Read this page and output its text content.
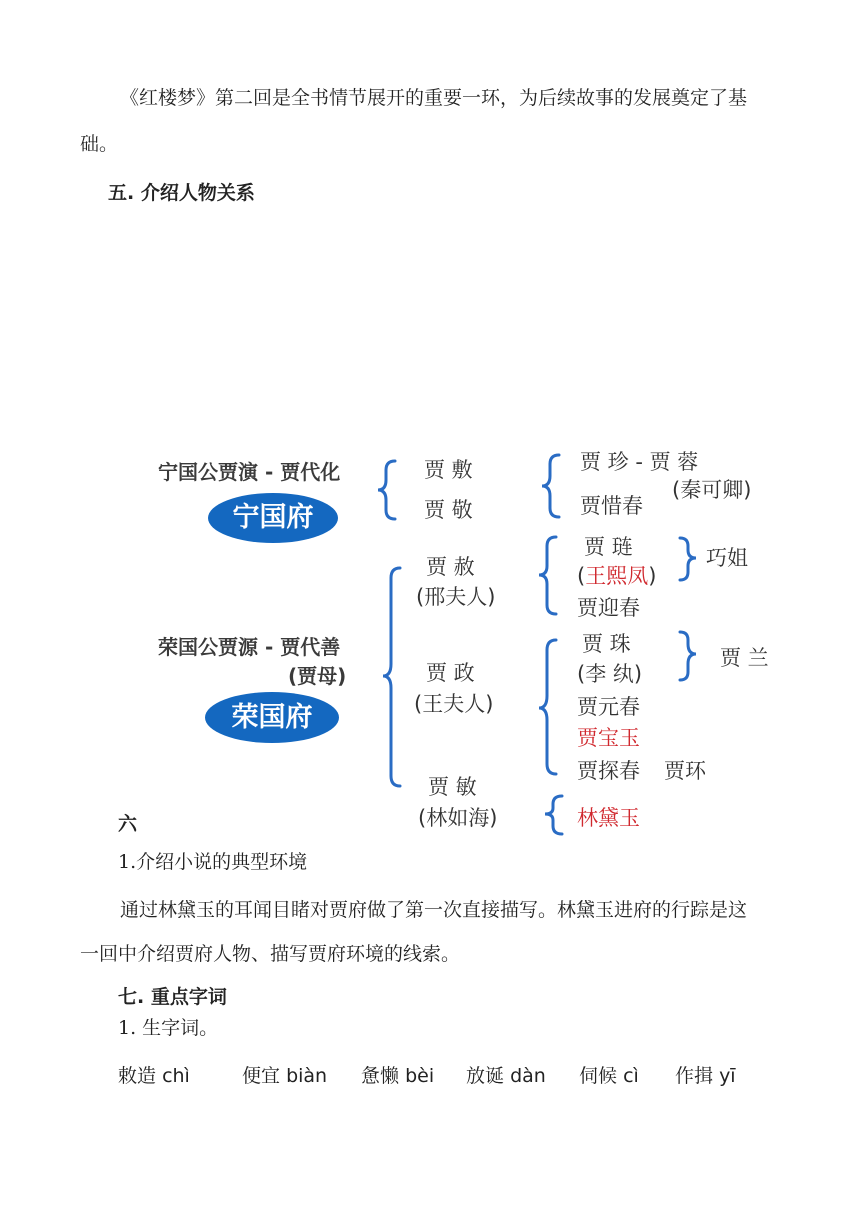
《红楼梦》第二回是全书情节展开的重要一环，为后续故事的发展奠定了基
础。
五. 介绍人物关系
宁国公贾演 - 贾代化
宁国府
贾 敷
贾 敬
贾 珍 - 贾 蓉
(秦可卿)
贾惜春
荣国公贾源 - 贾代善
(贾母)
荣国府
贾 赦
(邢夫人)
贾 琏
(王熙凤)
贾迎春
巧姐
贾 政
(王夫人)
贾 珠
(李 纨)
贾 兰
贾元春
贾宝玉
贾探春 贾环
贾 敏
(林如海)	林黛玉
六
1.介绍小说的典型环境
通过林黛玉的耳闻目睹对贾府做了第一次直接描写。林黛玉进府的行踪是这
一回中介绍贾府人物、描写贾府环境的线索。
七. 重点字词
1. 生字词。
敕造 chì	便宜 biàn 惫懒 bèi 放诞 dàn 伺候 cì 作揖 yī
